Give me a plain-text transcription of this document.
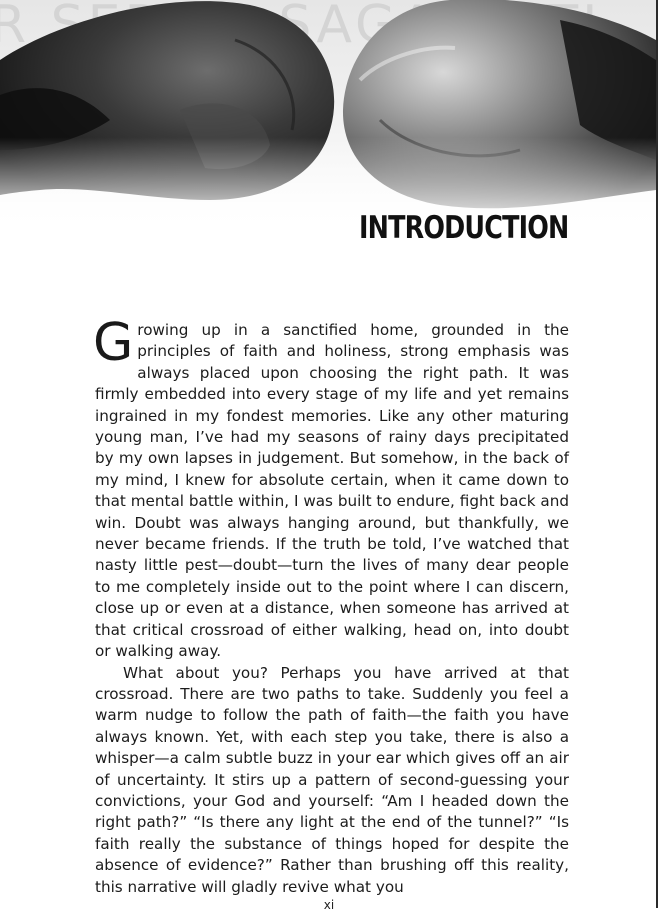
INTRODUCTION

Growing up in a sanctified home, grounded in the principles of faith and holiness, strong emphasis was always placed upon choosing the right path. It was firmly embedded into every stage of my life and yet remains ingrained in my fondest memories. Like any other maturing young man, I’ve had my seasons of rainy days precipitated by my own lapses in judgement. But somehow, in the back of my mind, I knew for absolute certain, when it came down to that mental battle within, I was built to endure, fight back and win. Doubt was always hanging around, but thankfully, we never became friends. If the truth be told, I’ve watched that nasty little pest—doubt—turn the lives of many dear people to me completely inside out to the point where I can discern, close up or even at a distance, when someone has arrived at that critical crossroad of either walking, head on, into doubt or walking away.

What about you? Perhaps you have arrived at that crossroad. There are two paths to take. Suddenly you feel a warm nudge to follow the path of faith—the faith you have always known. Yet, with each step you take, there is also a whisper—a calm subtle buzz in your ear which gives off an air of uncertainty. It stirs up a pattern of second-guessing your convictions, your God and yourself: “Am I headed down the right path?” “Is there any light at the end of the tunnel?” “Is faith really the substance of things hoped for despite the absence of evidence?” Rather than brushing off this reality, this narrative will gladly revive what you

xi
